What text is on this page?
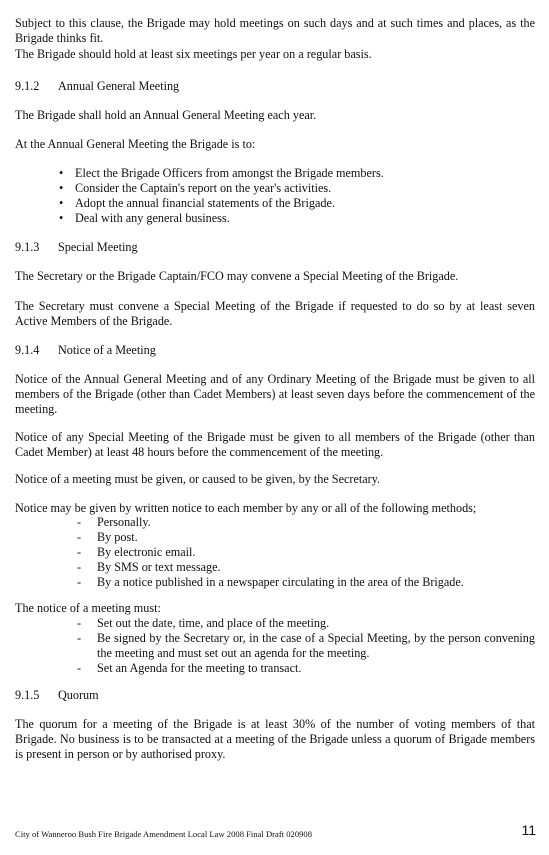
Subject to this clause, the Brigade may hold meetings on such days and at such times and places, as the Brigade thinks fit.

The Brigade should hold at least six meetings per year on a regular basis.

9.1.2 Annual General Meeting

The Brigade shall hold an Annual General Meeting each year.

At the Annual General Meeting the Brigade is to:

• Elect the Brigade Officers from amongst the Brigade members.
• Consider the Captain's report on the year's activities.
• Adopt the annual financial statements of the Brigade.
• Deal with any general business.
9.1.3 Special Meeting

The Secretary or the Brigade Captain/FCO may convene a Special Meeting of the Brigade.

The Secretary must convene a Special Meeting of the Brigade if requested to do so by at least seven Active Members of the Brigade.

9.1.4 Notice of a Meeting

Notice of the Annual General Meeting and of any Ordinary Meeting of the Brigade must be given to all members of the Brigade (other than Cadet Members) at least seven days before the commencement of the meeting.

Notice of any Special Meeting of the Brigade must be given to all members of the Brigade (other than Cadet Member) at least 48 hours before the commencement of the meeting.

Notice of a meeting must be given, or caused to be given, by the Secretary.

Notice may be given by written notice to each member by any or all of the following methods;

- Personally.
- By post.
- By electronic email.
- By SMS or text message.
- By a notice published in a newspaper circulating in the area of the Brigade.

The notice of a meeting must:

- Set out the date, time, and place of the meeting.
- Be signed by the Secretary or, in the case of a Special Meeting, by the person convening the meeting and must set out an agenda for the meeting.
- Set an Agenda for the meeting to transact.
9.1.5 Quorum

The quorum for a meeting of the Brigade is at least 30% of the number of voting members of that Brigade. No business is to be transacted at a meeting of the Brigade unless a quorum of Brigade members is present in person or by authorised proxy.

City of Wanneroo Bush Fire Brigade Amendment Local Law 2008 Final Draft 020908	11
